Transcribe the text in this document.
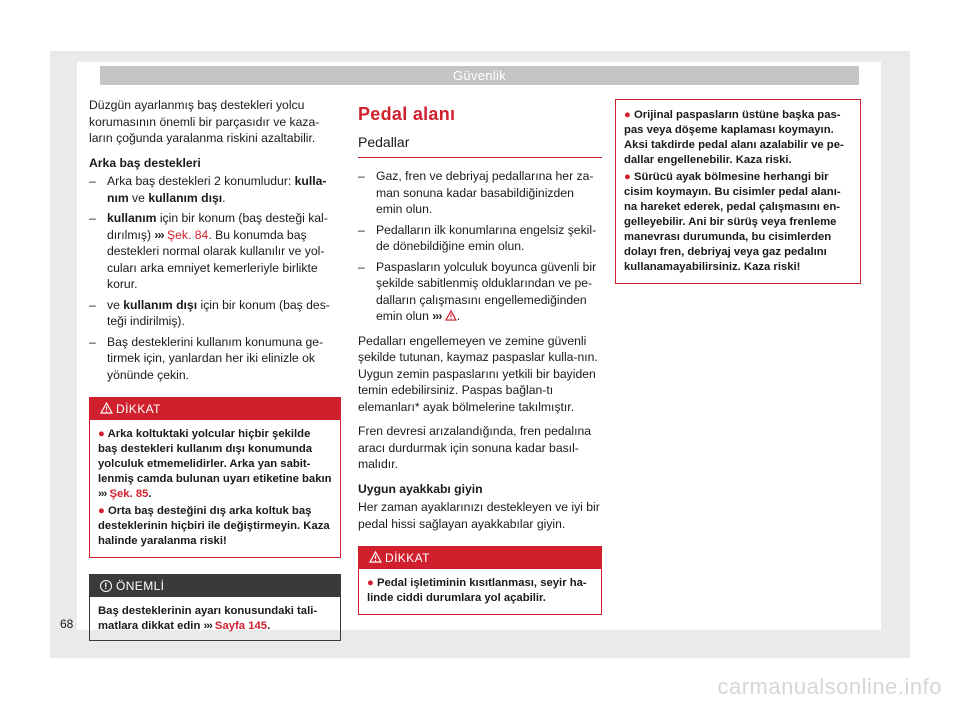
Güvenlik

Düzgün ayarlanmış baş destekleri yolcu korumasının önemli bir parçasıdır ve kaza-ların çoğunda yaralanma riskini azaltabilir.

Arka baş destekleri
– Arka baş destekleri 2 konumludur: kulla-nım ve kullanım dışı.
– kullanım için bir konum (baş desteği kal-dırılmış) ››› Şek. 84. Bu konumda baş destekleri normal olarak kullanılır ve yol-cuları arka emniyet kemerleriyle birlikte korur.
– ve kullanım dışı için bir konum (baş des-teği indirilmiş).
– Baş desteklerini kullanım konumuna ge-tirmek için, yanlardan her iki elinizle ok yönünde çekin.
DİKKAT
● Arka koltuktaki yolcular hiçbir şekilde baş destekleri kullanım dışı konumunda yolculuk etmemelidirler. Arka yan sabit-lenmiş camda bulunan uyarı etiketine bakın ››› Şek. 85.
● Orta baş desteğini dış arka koltuk baş desteklerinin hiçbiri ile değiştirmeyin. Kaza halinde yaralanma riski!
! ÖNEMLİ
Baş desteklerinin ayarı konusundaki tali-matlara dikkat edin ››› Sayfa 145.
Pedal alanı
Pedallar
– Gaz, fren ve debriyaj pedallarına her za-man sonuna kadar basabildiğinizden emin olun.
– Pedalların ilk konumlarına engelsiz şekil-de dönebildiğine emin olun.
– Paspasların yolculuk boyunca güvenli bir şekilde sabitlenmiş olduklarından ve pe-dalların çalışmasını engellemediğinden emin olun ››› .

Pedalları engellemeyen ve zemine güvenli şekilde tutunan, kaymaz paspaslar kulla-nın. Uygun zemin paspaslarını yetkili bir bayiden temin edebilirsiniz. Paspas bağlan-tı elemanları* ayak bölmelerine takılmıştır.

Fren devresi arızalandığında, fren pedalına aracı durdurmak için sonuna kadar basıl-malıdır.

Uygun ayakkabı giyin

Her zaman ayaklarınızı destekleyen ve iyi bir pedal hissi sağlayan ayakkabılar giyin.

DİKKAT
● Pedal işletiminin kısıtlanması, seyir ha-linde ciddi durumlara yol açabilir.
● Orijinal paspasların üstüne başka pas-pas veya döşeme kaplaması koymayın. Aksi takdirde pedal alanı azalabilir ve pe-dallar engellenebilir. Kaza riski.
● Sürücü ayak bölmesine herhangi bir cisim koymayın. Bu cisimler pedal alanı-na hareket ederek, pedal çalışmasını en-gelleyebilir. Ani bir sürüş veya frenleme manevrası durumunda, bu cisimlerden dolayı fren, debriyaj veya gaz pedalını kullanamayabilirsiniz. Kaza riski!
68
carmanualsonline.info
